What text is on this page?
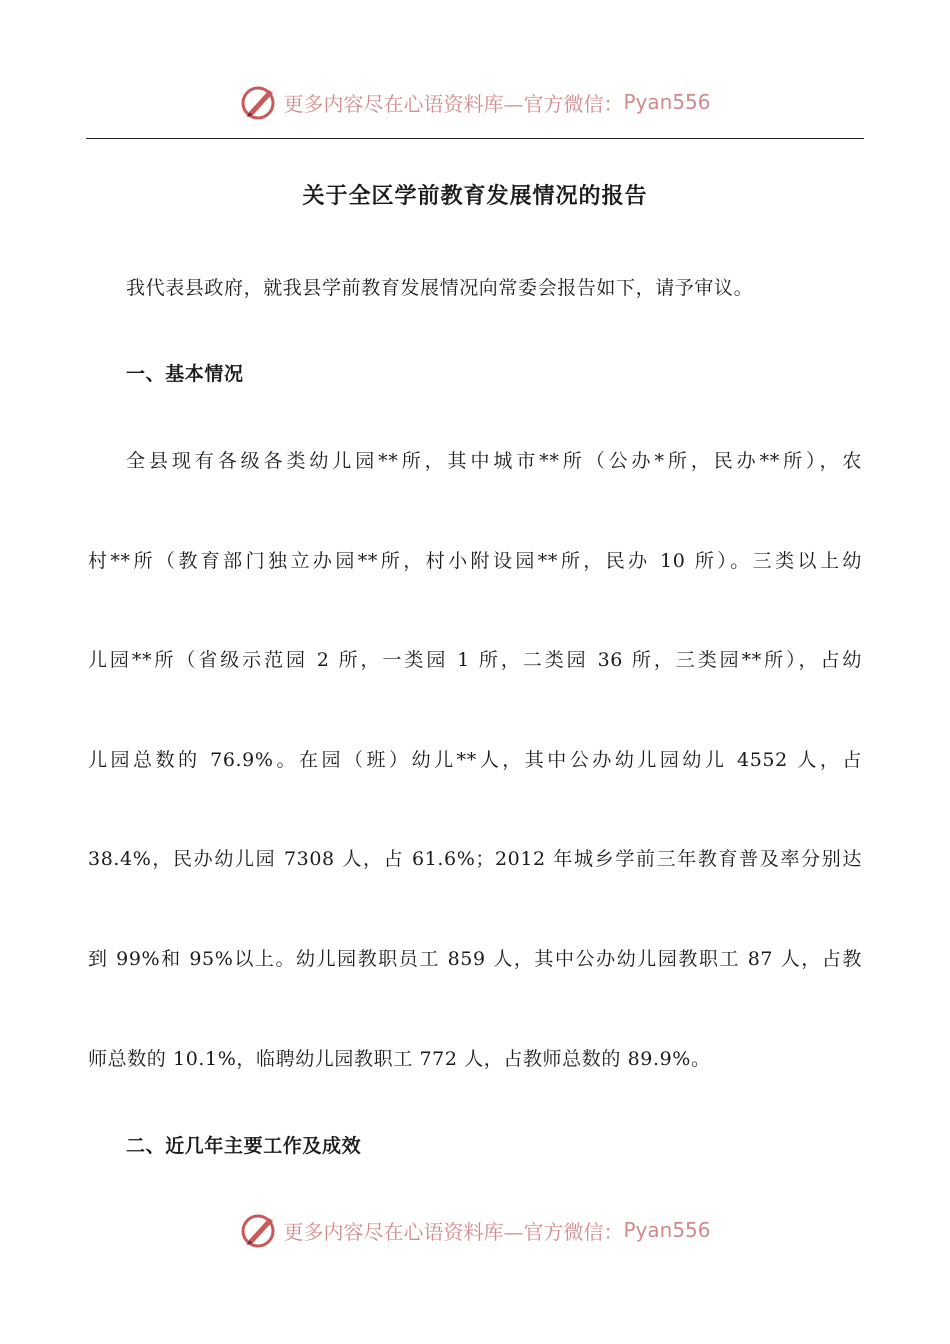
更多内容尽在心语资料库—官方微信： Pyan556
关于全区学前教育发展情况的报告
我代表县政府，就我县学前教育发展情况向常委会报告如下，请予审议。
一、基本情况
全县现有各级各类幼儿园**所，其中城市**所（公办*所，民办**所），农
村**所（教育部门独立办园**所，村小附设园**所，民办 10 所）。三类以上幼
儿园**所（省级示范园 2 所，一类园 1 所，二类园 36 所，三类园**所），占幼
儿园总数的 76.9%。在园（班）幼儿**人，其中公办幼儿园幼儿 4552 人，占
38.4%，民办幼儿园 7308 人，占 61.6%；2012 年城乡学前三年教育普及率分别达
到 99%和 95%以上。幼儿园教职员工 859 人，其中公办幼儿园教职工 87 人，占教
师总数的 10.1%，临聘幼儿园教职工 772 人，占教师总数的 89.9%。
二、近几年主要工作及成效
更多内容尽在心语资料库—官方微信： Pyan556
